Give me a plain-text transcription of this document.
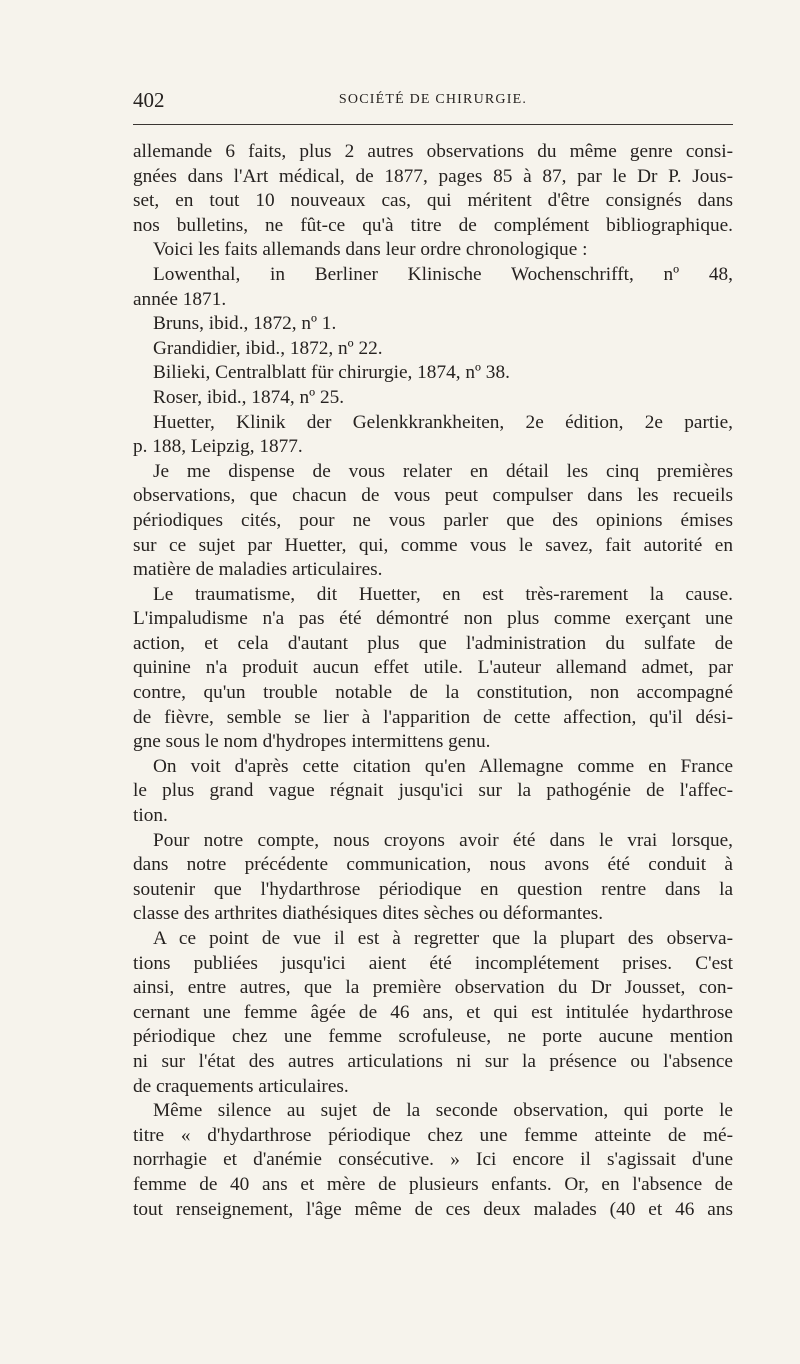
402	SOCIÉTÉ DE CHIRURGIE.
allemande 6 faits, plus 2 autres observations du même genre consi-
gnées dans l'Art médical, de 1877, pages 85 à 87, par le Dr P. Jous-
set, en tout 10 nouveaux cas, qui méritent d'être consignés dans
nos bulletins, ne fût-ce qu'à titre de complément bibliographique.
Voici les faits allemands dans leur ordre chronologique :
Lowenthal, in Berliner Klinische Wochenschrifft, nº 48,
année 1871.
Bruns, ibid., 1872, nº 1.
Grandidier, ibid., 1872, nº 22.
Bilieki, Centralblatt für chirurgie, 1874, nº 38.
Roser, ibid., 1874, nº 25.
Huetter, Klinik der Gelenkkrankheiten, 2e édition, 2e partie,
p. 188, Leipzig, 1877.
Je me dispense de vous relater en détail les cinq premières
observations, que chacun de vous peut compulser dans les recueils
périodiques cités, pour ne vous parler que des opinions émises
sur ce sujet par Huetter, qui, comme vous le savez, fait autorité en
matière de maladies articulaires.
Le traumatisme, dit Huetter, en est très-rarement la cause.
L'impaludisme n'a pas été démontré non plus comme exerçant une
action, et cela d'autant plus que l'administration du sulfate de
quinine n'a produit aucun effet utile. L'auteur allemand admet, par
contre, qu'un trouble notable de la constitution, non accompagné
de fièvre, semble se lier à l'apparition de cette affection, qu'il dési-
gne sous le nom d'hydropes intermittens genu.
On voit d'après cette citation qu'en Allemagne comme en France
le plus grand vague régnait jusqu'ici sur la pathogénie de l'affec-
tion.
Pour notre compte, nous croyons avoir été dans le vrai lorsque,
dans notre précédente communication, nous avons été conduit à
soutenir que l'hydarthrose périodique en question rentre dans la
classe des arthrites diathésiques dites sèches ou déformantes.
A ce point de vue il est à regretter que la plupart des observa-
tions publiées jusqu'ici aient été incomplétement prises. C'est
ainsi, entre autres, que la première observation du Dr Jousset, con-
cernant une femme âgée de 46 ans, et qui est intitulée hydarthrose
périodique chez une femme scrofuleuse, ne porte aucune mention
ni sur l'état des autres articulations ni sur la présence ou l'absence
de craquements articulaires.
Même silence au sujet de la seconde observation, qui porte le
titre « d'hydarthrose périodique chez une femme atteinte de mé-
norrhagie et d'anémie consécutive. » Ici encore il s'agissait d'une
femme de 40 ans et mère de plusieurs enfants. Or, en l'absence de
tout renseignement, l'âge même de ces deux malades (40 et 46 ans
